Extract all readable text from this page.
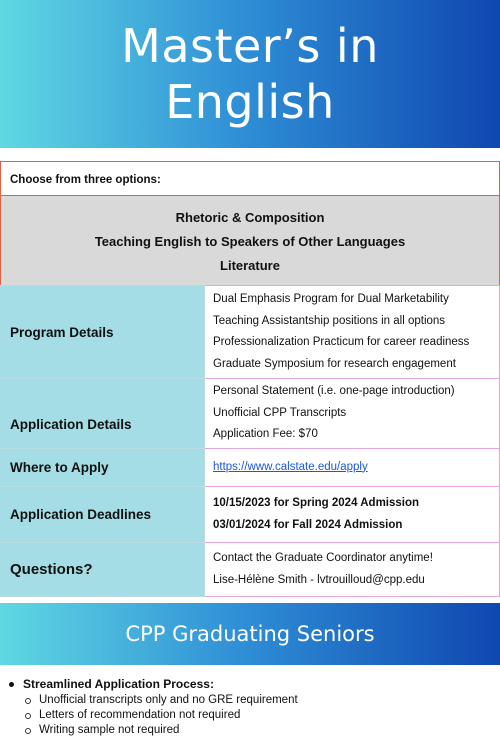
Master’s in
English
Choose from three options:
Rhetoric & Composition
Teaching English to Speakers of Other Languages
Literature
Program Details	Dual Emphasis Program for Dual Marketability
Teaching Assistantship positions in all options
Professionalization Practicum for career readiness
Graduate Symposium for research engagement

Application Details	Personal Statement (i.e. one-page introduction)
Unofficial CPP Transcripts
Application Fee: $70

Where to Apply	https://www.calstate.edu/apply

Application Deadlines	10/15/2023 for Spring 2024 Admission
03/01/2024 for Fall 2024 Admission

Questions?	Contact the Graduate Coordinator anytime!
Lise-Hélène Smith - lvtrouilloud@cpp.edu
CPP Graduating Seniors
Streamlined Application Process:
Unofficial transcripts only and no GRE requirement
Letters of recommendation not required
Writing sample not required
